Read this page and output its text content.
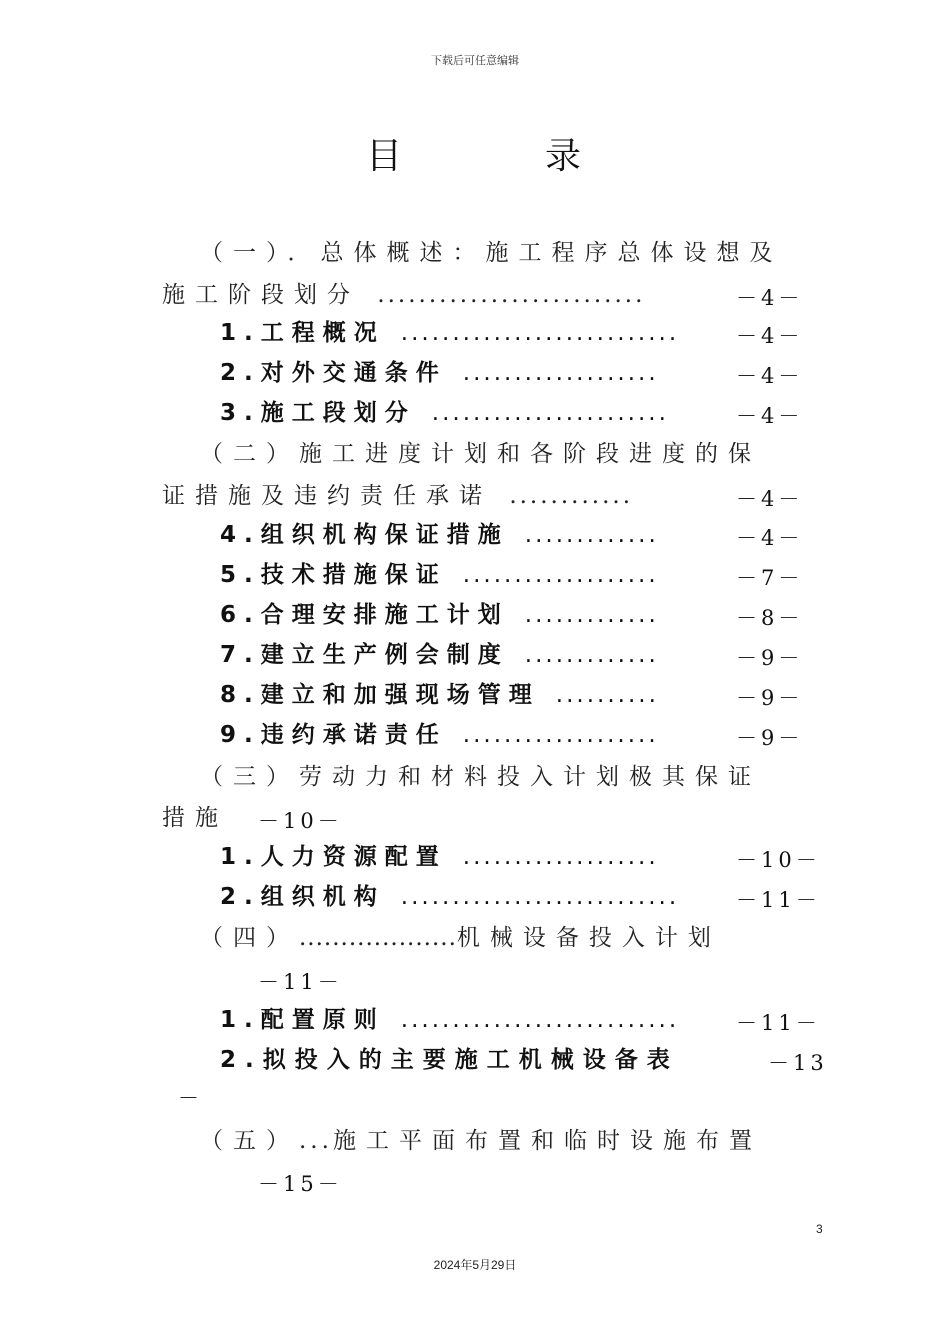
下载后可任意编辑
目	录
（一）．总体概述：施工程序总体设想及
施工阶段划分 ..........................	－4－
1.工程概况 ...........................	－4－
2.对外交通条件 ...................	－4－
3.施工段划分 .......................	－4－
（二）施工进度计划和各阶段进度的保
证措施及违约责任承诺 ............	－4－
4.组织机构保证措施 .............	－4－
5.技术措施保证 ...................	－7－
6.合理安排施工计划 .............	－8－
7.建立生产例会制度 .............	－9－
8.建立和加强现场管理 ..........	－9－
9.违约承诺责任 ...................	－9－
（三）劳动力和材料投入计划极其保证
措施 －10－
1.人力资源配置 ...................	－10－
2.组织机构 ...........................	－11－
（四）...................机械设备投入计划
－11－
1.配置原则 ...........................	－11－
2.拟投入的主要施工机械设备表	－13
－
（五）...施工平面布置和临时设施布置
－15－
3
2024年5月29日
